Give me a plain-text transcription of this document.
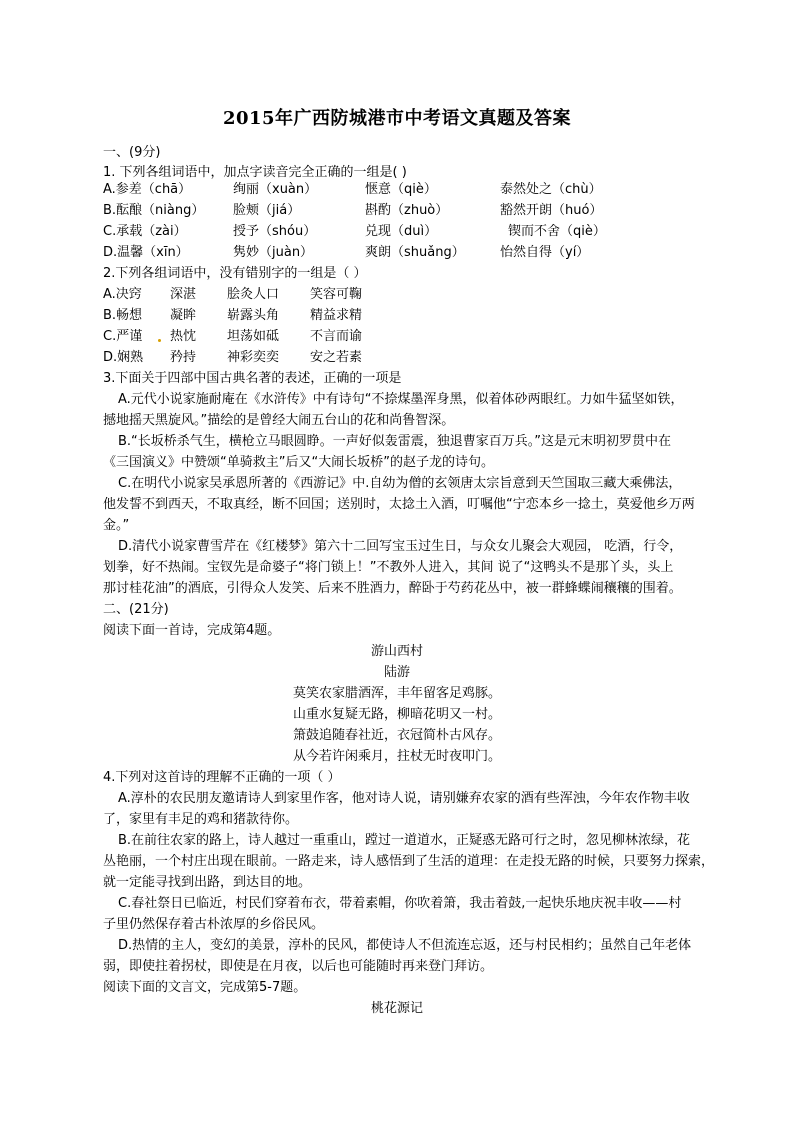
2015年广西防城港市中考语文真题及答案
一、(9分)
1. 下列各组词语中，加点字读音完全正确的一组是( )
A.参差（chā）	绚丽（xuàn）	惬意（qiè）	泰然处之（chù）
B.酝酿（niàng） 脸颊（jiá）	斟酌（zhuò）	豁然开朗（huó）
C.承载（zài）	授予（shóu）	兑现（duì）	锲而不舍（qiè）
D.温馨（xīn）	隽妙（juàn）	爽朗（shuǎng）	怡然自得（yí）
2.下列各组词语中，没有错别字的一组是（ ）
A.决窍 深湛 脍灸人口 笑容可鞠
B.畅想 凝眸 崭露头角 精益求精
C.严谨 热忱 坦荡如砥 不言而谕
D.娴熟 矜持 神彩奕奕 安之若素
3.下面关于四部中国古典名著的表述，正确的一项是
A.元代小说家施耐庵在《水浒传》中有诗句“不捺煤墨浑身黑，似着体砂两眼红。力如牛猛坚如铁，
撼地摇天黑旋风。”描绘的是曾经大闹五台山的花和尚鲁智深。
B.“长坂桥杀气生，横枪立马眼圆睁。一声好似轰雷震，独退曹家百万兵。”这是元末明初罗贯中在
《三国演义》中赞颂“单骑救主”后又“大闹长坂桥”的赵子龙的诗句。
C.在明代小说家吴承恩所著的《西游记》中.自幼为僧的玄领唐太宗旨意到天竺国取三藏大乘佛法，
他发誓不到西天，不取真经，断不回国；送别时，太捻土入酒，叮嘱他“宁恋本乡一捻土，莫爱他乡万两
金。”
D.清代小说家曹雪芹在《红楼梦》第六十二回写宝玉过生日，与众女儿聚会大观园， 吃酒，行令，
划拳，好不热闹。宝钗先是命婆子“将门锁上！”不教外人进入，其间 说了“这鸭头不是那丫头，头上
那讨桂花油”的酒底，引得众人发笑、后来不胜酒力，醉卧于芍药花丛中，被一群蜂蝶闹穰穰的围着。
二、(21分)
阅读下面一首诗，完成第4题。
游山西村
陆游
莫笑农家腊酒浑，丰年留客足鸡豚。
山重水复疑无路，柳暗花明又一村。
箫鼓追随春社近，衣冠简朴古风存。
从今若许闲乘月，拄杖无时夜叩门。
4.下列对这首诗的理解不正确的一项（ ）
A.淳朴的农民朋友邀请诗人到家里作客，他对诗人说，请别嫌弃农家的酒有些浑浊，今年农作物丰收
了，家里有丰足的鸡和猪款待你。
B.在前往农家的路上，诗人越过一重重山，蹚过一道道水，正疑惑无路可行之时，忽见柳林浓绿，花
丛艳丽，一个村庄出现在眼前。一路走来，诗人感悟到了生活的道理：在走投无路的时候，只要努力探索，
就一定能寻找到出路，到达目的地。
C.春社祭日已临近，村民们穿着布衣，带着素帽，你吹着箫，我击着鼓,一起快乐地庆祝丰收——村
子里仍然保存着古朴浓厚的乡俗民风。
D.热情的主人，变幻的美景，淳朴的民风，都使诗人不但流连忘返，还与村民相约；虽然自己年老体
弱，即使拄着拐杖，即使是在月夜，以后也可能随时再来登门拜访。
阅读下面的文言文，完成第5-7题。
桃花源记
